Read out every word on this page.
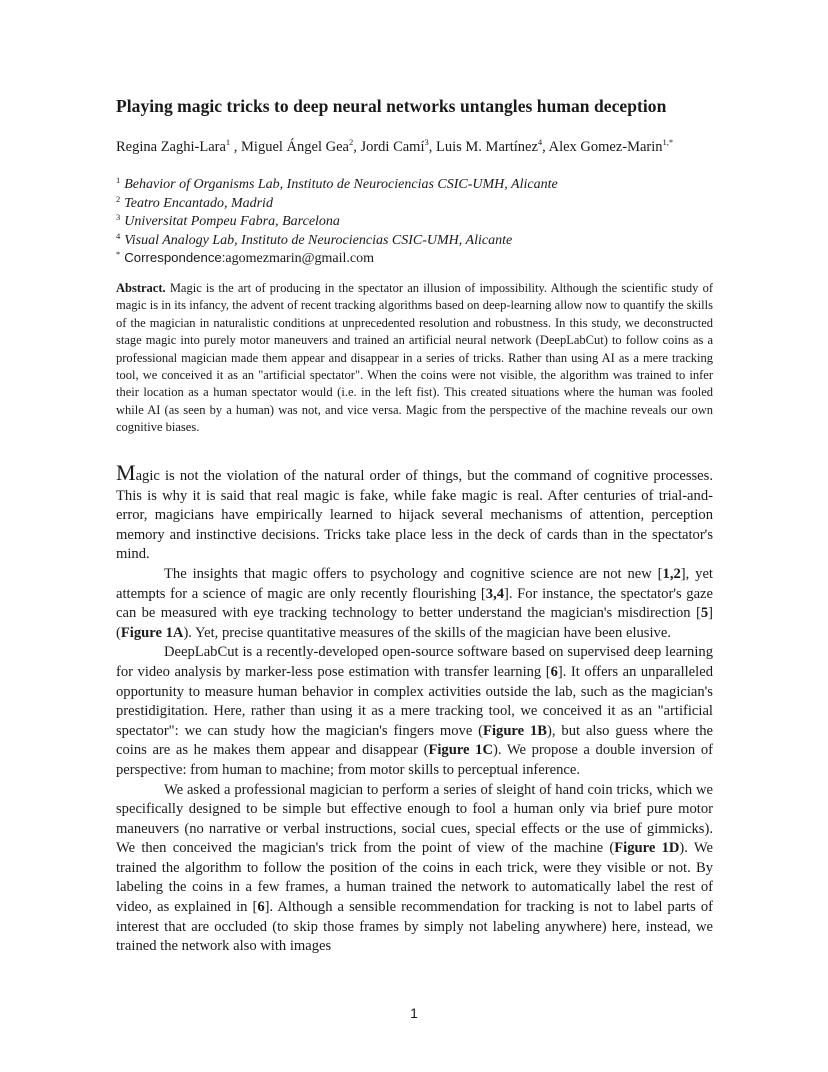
Playing magic tricks to deep neural networks untangles human deception
Regina Zaghi-Lara$^1$ , Miguel Ángel Gea$^2$, Jordi Camí$^3$, Luis M. Martínez$^4$, Alex Gomez-Marin$^{1,*}$
$^1$ Behavior of Organisms Lab, Instituto de Neurociencias CSIC-UMH, Alicante
$^2$ Teatro Encantado, Madrid
$^3$ Universitat Pompeu Fabra, Barcelona
$^4$ Visual Analogy Lab, Instituto de Neurociencias CSIC-UMH, Alicante
* Correspondence:agomezmarin@gmail.com
Abstract. Magic is the art of producing in the spectator an illusion of impossibility. Although the scientific study of magic is in its infancy, the advent of recent tracking algorithms based on deep-learning allow now to quantify the skills of the magician in naturalistic conditions at unprecedented resolution and robustness. In this study, we deconstructed stage magic into purely motor maneuvers and trained an artificial neural network (DeepLabCut) to follow coins as a professional magician made them appear and disappear in a series of tricks. Rather than using AI as a mere tracking tool, we conceived it as an "artificial spectator". When the coins were not visible, the algorithm was trained to infer their location as a human spectator would (i.e. in the left fist). This created situations where the human was fooled while AI (as seen by a human) was not, and vice versa. Magic from the perspective of the machine reveals our own cognitive biases.

Magic is not the violation of the natural order of things, but the command of cognitive processes. This is why it is said that real magic is fake, while fake magic is real. After centuries of trial-and-error, magicians have empirically learned to hijack several mechanisms of attention, perception memory and instinctive decisions. Tricks take place less in the deck of cards than in the spectator's mind.

The insights that magic offers to psychology and cognitive science are not new [1,2], yet attempts for a science of magic are only recently flourishing [3,4]. For instance, the spectator's gaze can be measured with eye tracking technology to better understand the magician's misdirection [5] (Figure 1A). Yet, precise quantitative measures of the skills of the magician have been elusive.

DeepLabCut is a recently-developed open-source software based on supervised deep learning for video analysis by marker-less pose estimation with transfer learning [6]. It offers an unparalleled opportunity to measure human behavior in complex activities outside the lab, such as the magician's prestidigitation. Here, rather than using it as a mere tracking tool, we conceived it as an "artificial spectator": we can study how the magician's fingers move (Figure 1B), but also guess where the coins are as he makes them appear and disappear (Figure 1C). We propose a double inversion of perspective: from human to machine; from motor skills to perceptual inference.

We asked a professional magician to perform a series of sleight of hand coin tricks, which we specifically designed to be simple but effective enough to fool a human only via brief pure motor maneuvers (no narrative or verbal instructions, social cues, special effects or the use of gimmicks). We then conceived the magician's trick from the point of view of the machine (Figure 1D). We trained the algorithm to follow the position of the coins in each trick, were they visible or not. By labeling the coins in a few frames, a human trained the network to automatically label the rest of video, as explained in [6]. Although a sensible recommendation for tracking is not to label parts of interest that are occluded (to skip those frames by simply not labeling anywhere) here, instead, we trained the network also with images

1
